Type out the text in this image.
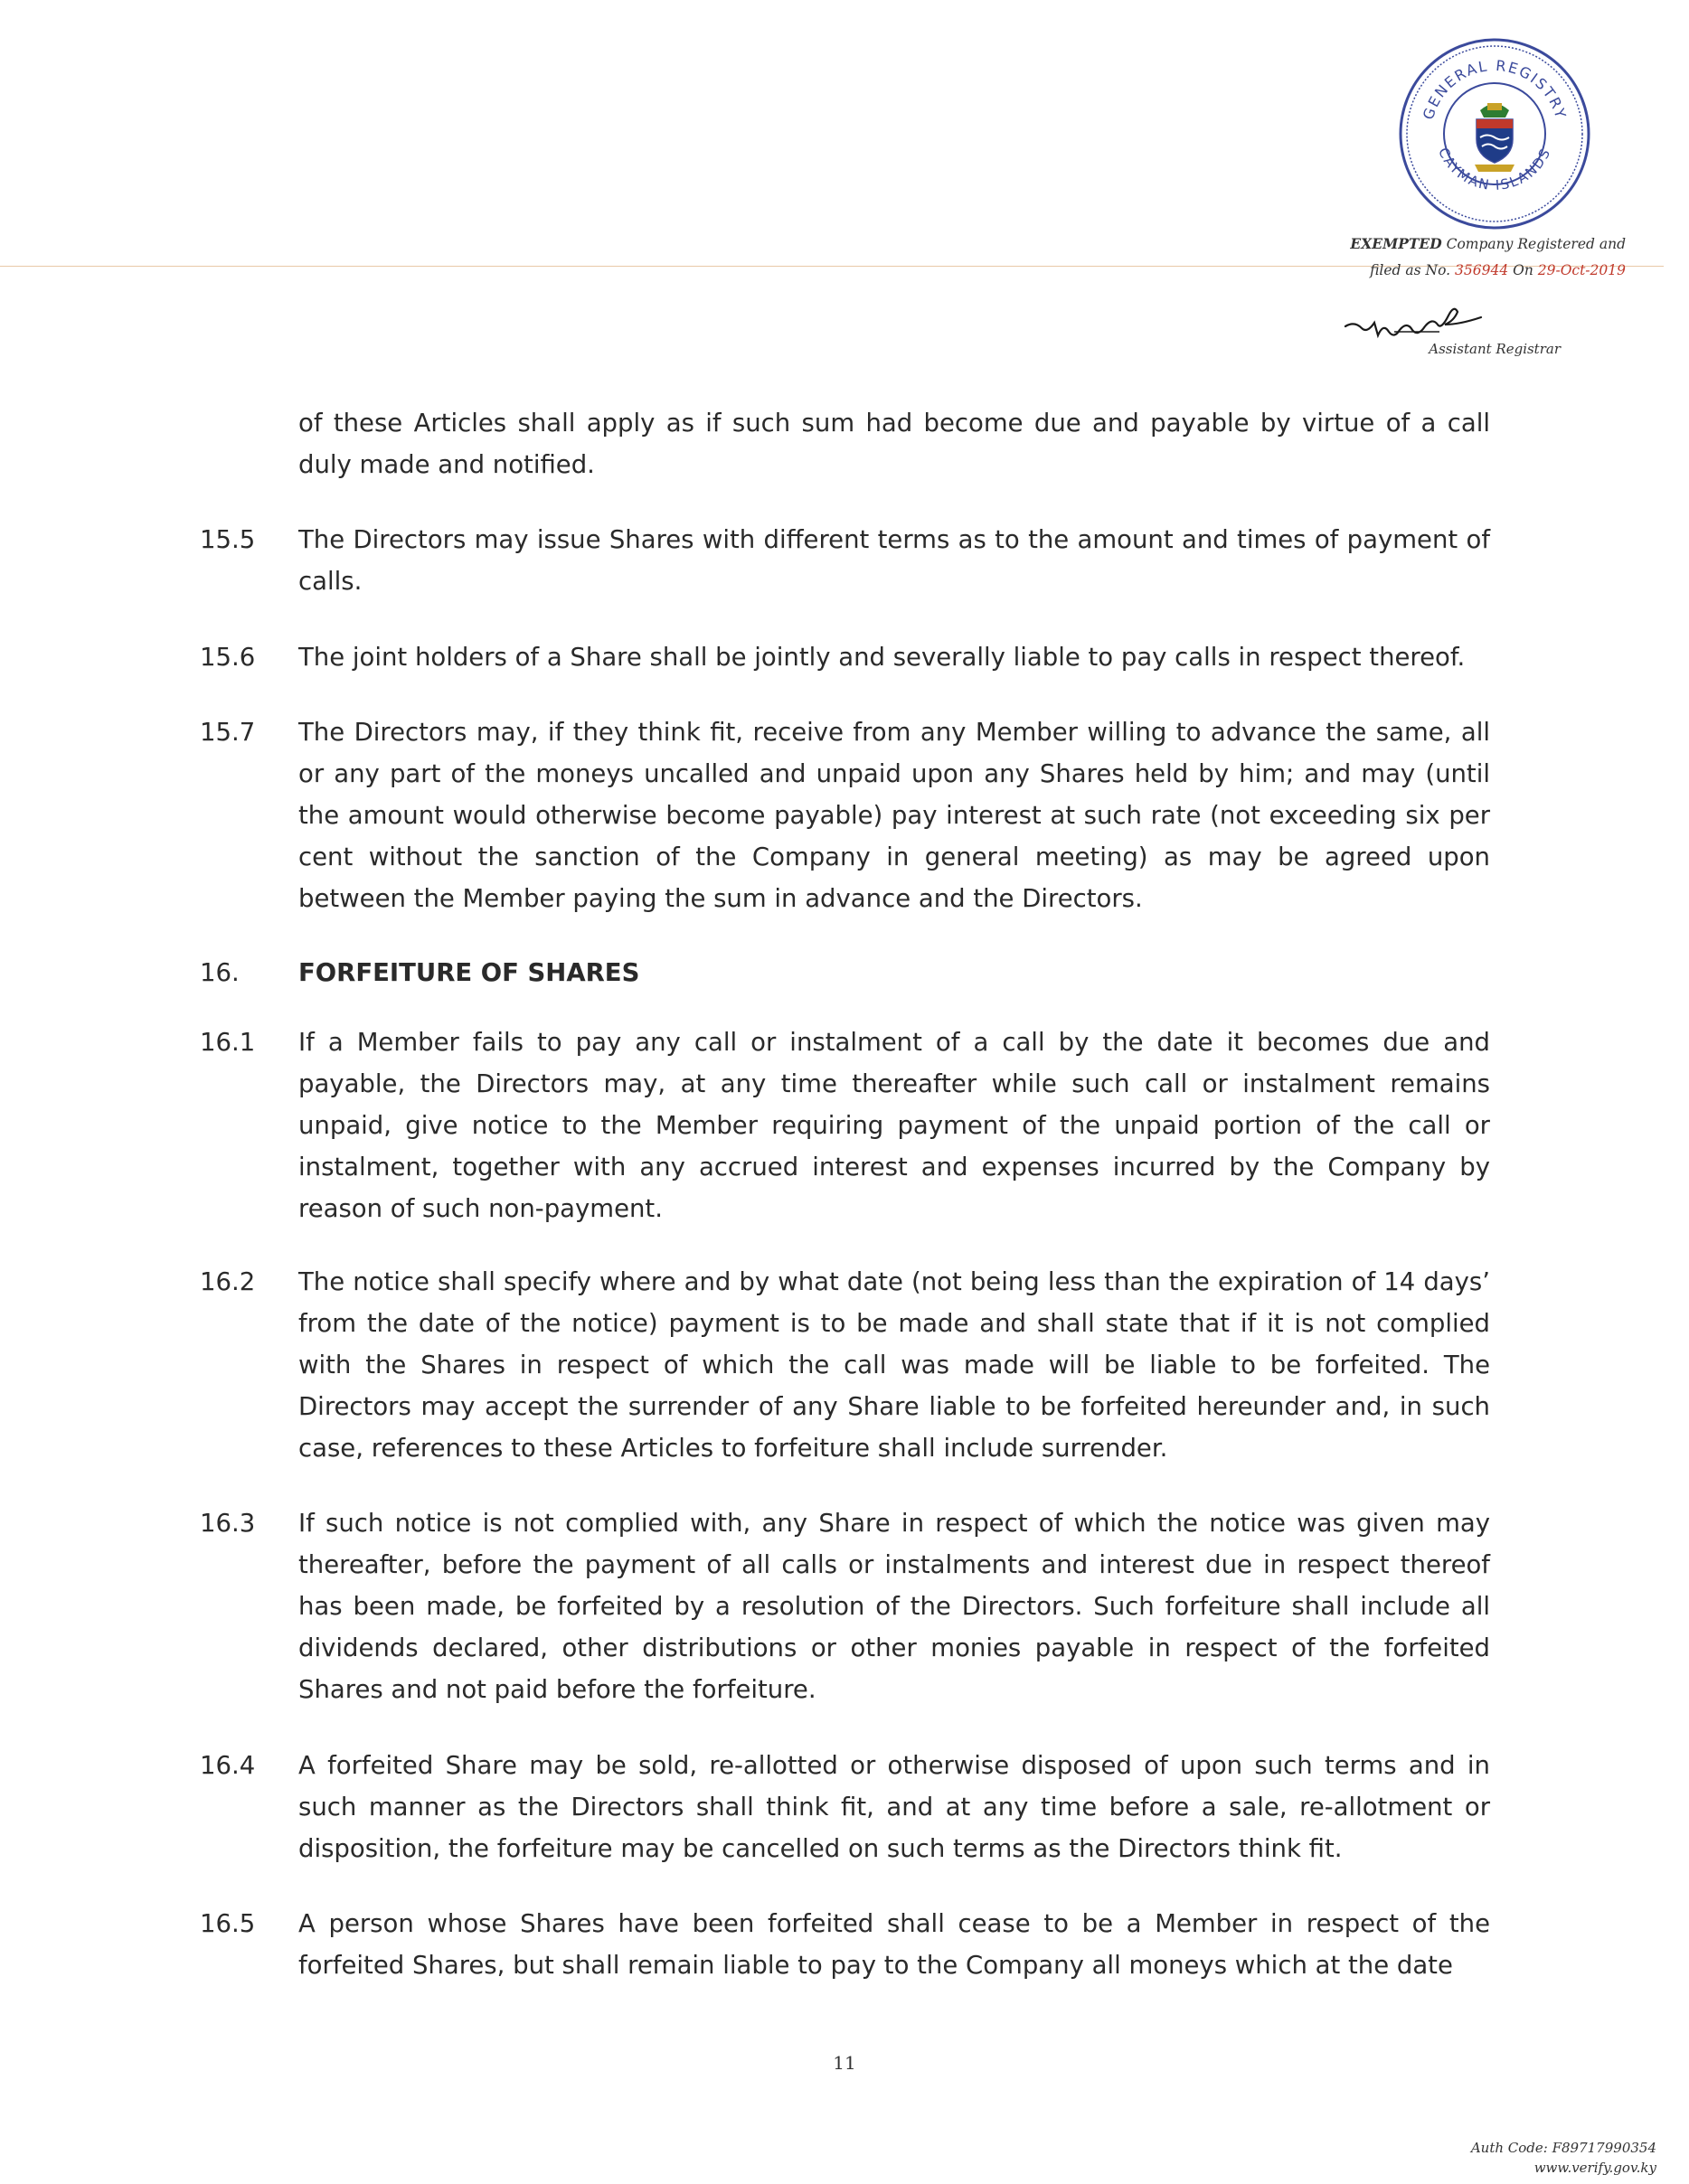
GENERAL REGISTRY
CAYMAN ISLANDS
EXEMPTED Company Registered and
filed as No. 356944 On 29-Oct-2019
Assistant Registrar
of these Articles shall apply as if such sum had become due and payable by virtue of a call duly made and notified.
15.5 The Directors may issue Shares with different terms as to the amount and times of payment of calls.
15.6 The joint holders of a Share shall be jointly and severally liable to pay calls in respect thereof.
15.7 The Directors may, if they think fit, receive from any Member willing to advance the same, all or any part of the moneys uncalled and unpaid upon any Shares held by him; and may (until the amount would otherwise become payable) pay interest at such rate (not exceeding six per cent without the sanction of the Company in general meeting) as may be agreed upon between the Member paying the sum in advance and the Directors.
16. FORFEITURE OF SHARES
16.1 If a Member fails to pay any call or instalment of a call by the date it becomes due and payable, the Directors may, at any time thereafter while such call or instalment remains unpaid, give notice to the Member requiring payment of the unpaid portion of the call or instalment, together with any accrued interest and expenses incurred by the Company by reason of such non-payment.
16.2 The notice shall specify where and by what date (not being less than the expiration of 14 days’ from the date of the notice) payment is to be made and shall state that if it is not complied with the Shares in respect of which the call was made will be liable to be forfeited. The Directors may accept the surrender of any Share liable to be forfeited hereunder and, in such case, references to these Articles to forfeiture shall include surrender.
16.3 If such notice is not complied with, any Share in respect of which the notice was given may thereafter, before the payment of all calls or instalments and interest due in respect thereof has been made, be forfeited by a resolution of the Directors. Such forfeiture shall include all dividends declared, other distributions or other monies payable in respect of the forfeited Shares and not paid before the forfeiture.
16.4 A forfeited Share may be sold, re-allotted or otherwise disposed of upon such terms and in such manner as the Directors shall think fit, and at any time before a sale, re-allotment or disposition, the forfeiture may be cancelled on such terms as the Directors think fit.
16.5 A person whose Shares have been forfeited shall cease to be a Member in respect of the forfeited Shares, but shall remain liable to pay to the Company all moneys which at the date
11
Auth Code: F89717990354
www.verify.gov.ky
